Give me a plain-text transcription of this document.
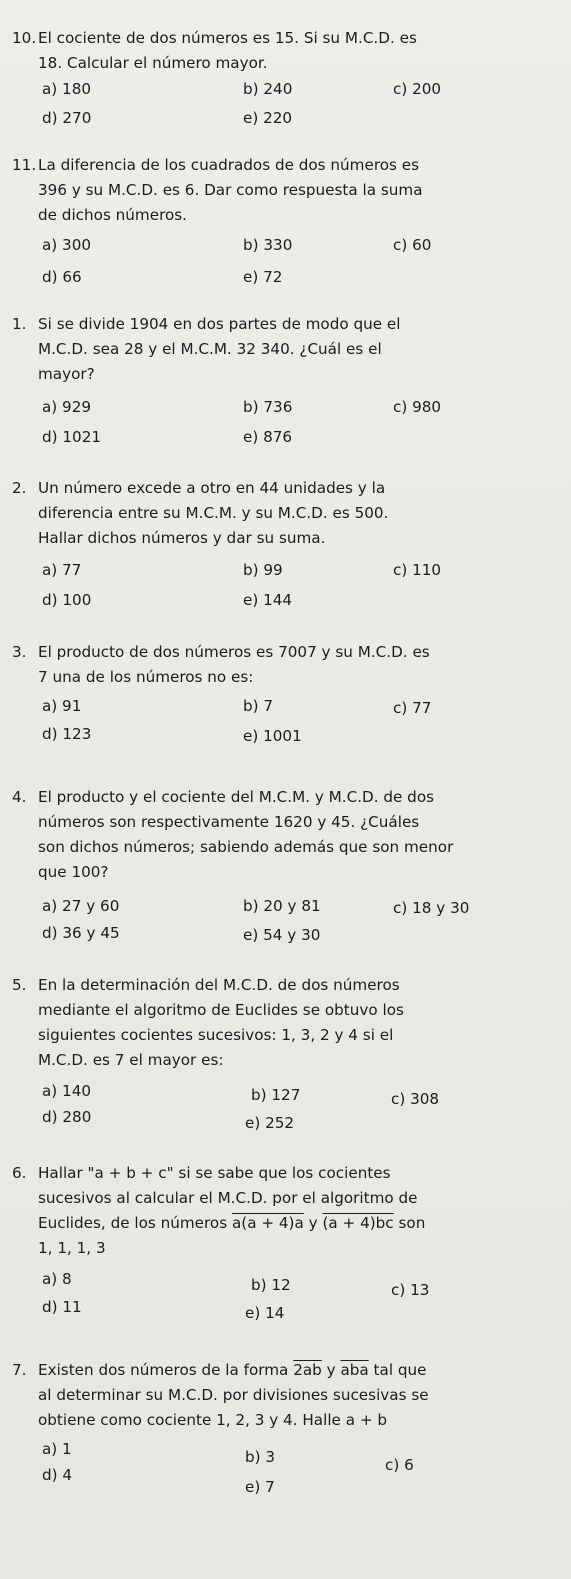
10. El cociente de dos números es 15. Si su M.C.D. es
18. Calcular el número mayor.
a) 180	b) 240	c) 200
d) 270	e) 220
11. La diferencia de los cuadrados de dos números es
396 y su M.C.D. es 6. Dar como respuesta la suma
de dichos números.
a) 300	b) 330	c) 60
d) 66	e) 72
1. Si se divide 1904 en dos partes de modo que el
M.C.D. sea 28 y el M.C.M. 32 340. ¿Cuál es el
mayor?
a) 929	b) 736	c) 980
d) 1021	e) 876
2. Un número excede a otro en 44 unidades y la
diferencia entre su M.C.M. y su M.C.D. es 500.
Hallar dichos números y dar su suma.
a) 77	b) 99	c) 110
d) 100	e) 144
3. El producto de dos números es 7007 y su M.C.D. es
7 una de los números no es:
a) 91	b) 7	c) 77
d) 123	e) 1001
4. El producto y el cociente del M.C.M. y M.C.D. de dos
números son respectivamente 1620 y 45. ¿Cuáles
son dichos números; sabiendo además que son menor
que 100?
a) 27 y 60	b) 20 y 81	c) 18 y 30
d) 36 y 45	e) 54 y 30
5. En la determinación del M.C.D. de dos números
mediante el algoritmo de Euclides se obtuvo los
siguientes cocientes sucesivos: 1, 3, 2 y 4 si el
M.C.D. es 7 el mayor es:
a) 140	b) 127	c) 308
d) 280	e) 252
6. Hallar "a + b + c" si se sabe que los cocientes
sucesivos al calcular el M.C.D. por el algoritmo de
Euclides, de los números a(a + 4)a y (a + 4)bc son
1, 1, 1, 3
a) 8	b) 12	c) 13
d) 11	e) 14
7. Existen dos números de la forma 2ab y $\overline{aba}$ tal que
al determinar su M.C.D. por divisiones sucesivas se
obtiene como cociente 1, 2, 3 y 4. Halle a + b
a) 1	b) 3	c) 6
d) 4
e) 7
